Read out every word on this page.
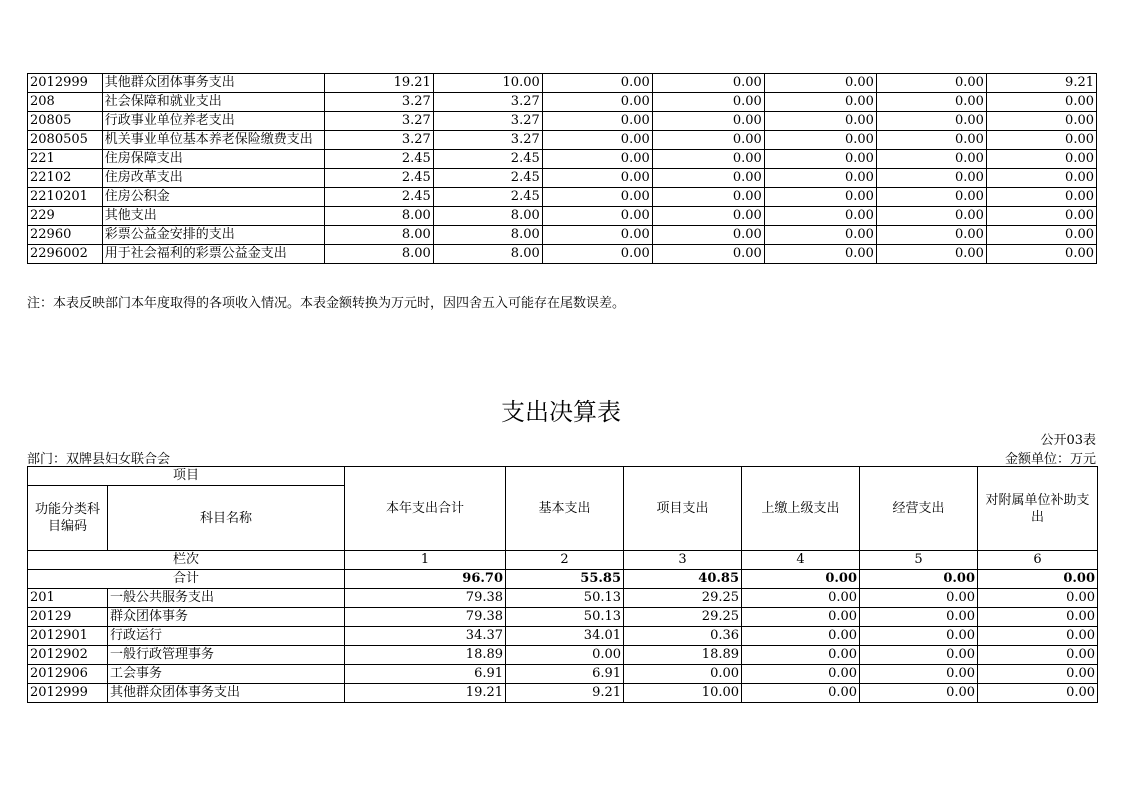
2012999	其他群众团体事务支出	19.21	10.00	0.00	0.00	0.00	0.00	9.21
208	社会保障和就业支出	3.27	3.27	0.00	0.00	0.00	0.00	0.00
20805	行政事业单位养老支出	3.27	3.27	0.00	0.00	0.00	0.00	0.00
2080505	机关事业单位基本养老保险缴费支出	3.27	3.27	0.00	0.00	0.00	0.00	0.00
221	住房保障支出	2.45	2.45	0.00	0.00	0.00	0.00	0.00
22102	住房改革支出	2.45	2.45	0.00	0.00	0.00	0.00	0.00
2210201	住房公积金	2.45	2.45	0.00	0.00	0.00	0.00	0.00
229	其他支出	8.00	8.00	0.00	0.00	0.00	0.00	0.00
22960	彩票公益金安排的支出	8.00	8.00	0.00	0.00	0.00	0.00	0.00
2296002	用于社会福利的彩票公益金支出	8.00	8.00	0.00	0.00	0.00	0.00	0.00
注：本表反映部门本年度取得的各项收入情况。本表金额转换为万元时，因四舍五入可能存在尾数误差。
支出决算表
公开03表
部门：双牌县妇女联合会	金额单位：万元
项目		本年支出合计	基本支出	项目支出	上缴上级支出	经营支出	对附属单位补助支出
功能分类科目编码	科目名称						
栏次		1	2	3	4	5	6
合计		96.70	55.85	40.85	0.00	0.00	0.00
201	一般公共服务支出	79.38	50.13	29.25	0.00	0.00	0.00
20129	群众团体事务	79.38	50.13	29.25	0.00	0.00	0.00
2012901	行政运行	34.37	34.01	0.36	0.00	0.00	0.00
2012902	一般行政管理事务	18.89	0.00	18.89	0.00	0.00	0.00
2012906	工会事务	6.91	6.91	0.00	0.00	0.00	0.00
2012999	其他群众团体事务支出	19.21	9.21	10.00	0.00	0.00	0.00
